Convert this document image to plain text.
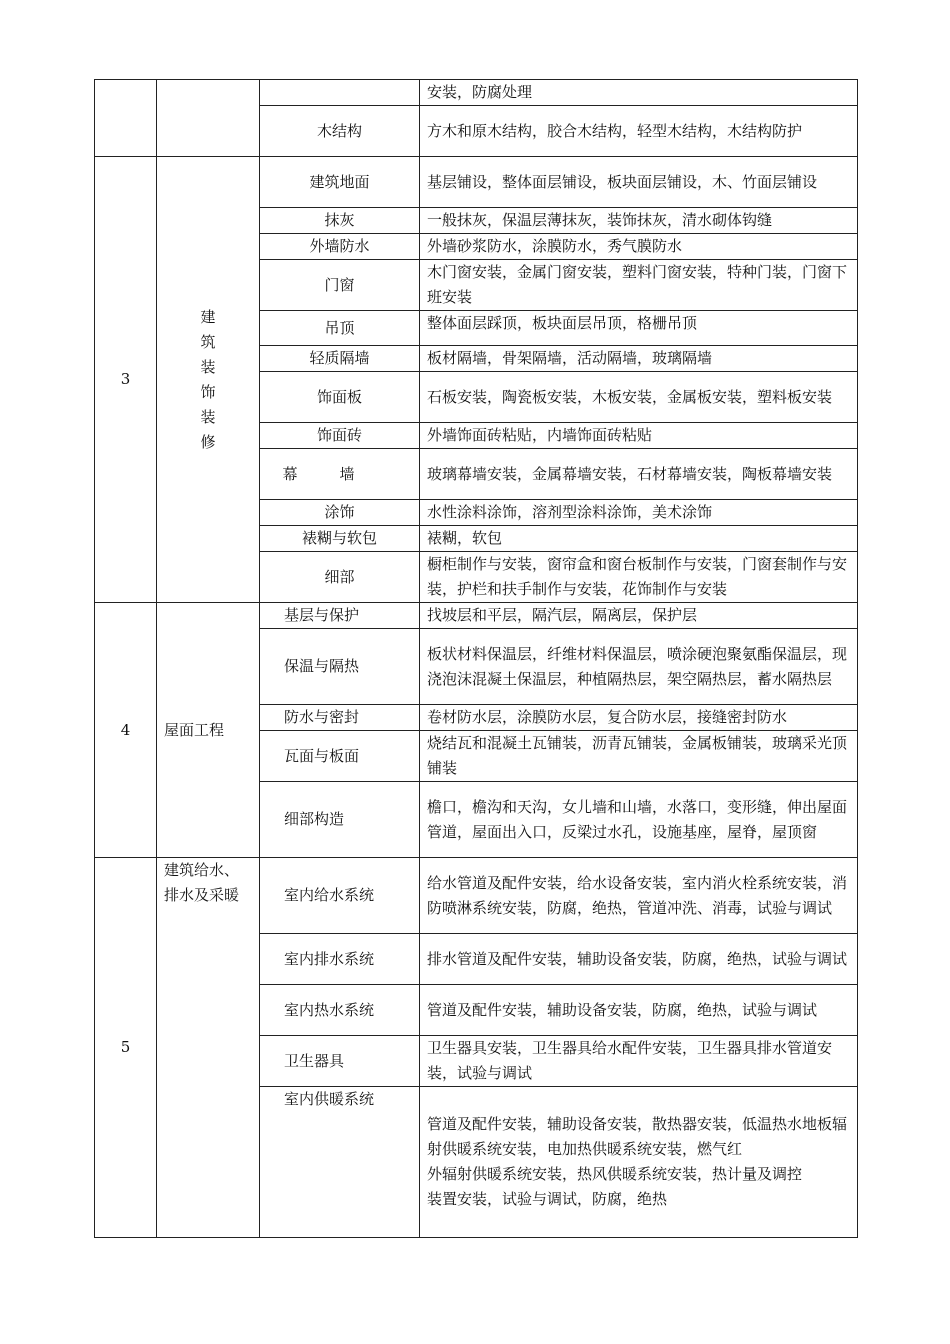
			安装，防腐处理
		木结构	方木和原木结构，胶合木结构，轻型木结构，木结构防护
3	建筑装饰装修	建筑地面	基层铺设，整体面层铺设，板块面层铺设，木、竹面层铺设
		抹灰	一般抹灰，保温层薄抹灰，装饰抹灰，清水砌体钩缝
		外墙防水	外墙砂浆防水，涂膜防水，秀气膜防水
		门窗	木门窗安装，金属门窗安装，塑料门窗安装，特种门装，门窗下班安装
		吊顶	整体面层踩顶，板块面层吊顶，格栅吊顶
		轻质隔墙	板材隔墙，骨架隔墙，活动隔墙，玻璃隔墙
		饰面板	石板安装，陶瓷板安装，木板安装，金属板安装，塑料板安装
		饰面砖	外墙饰面砖粘贴，内墙饰面砖粘贴
		幕墙	玻璃幕墙安装，金属幕墙安装，石材幕墙安装，陶板幕墙安装
		涂饰	水性涂料涂饰，溶剂型涂料涂饰，美术涂饰
		裱糊与软包	裱糊，软包
		细部	橱柜制作与安装，窗帘盒和窗台板制作与安装，门窗套制作与安装，护栏和扶手制作与安装，花饰制作与安装
4	屋面工程	基层与保护	找坡层和平层，隔汽层，隔离层，保护层
		保温与隔热	板状材料保温层，纤维材料保温层，喷涂硬泡聚氨酯保温层，现浇泡沫混凝土保温层，种植隔热层，架空隔热层，蓄水隔热层
		防水与密封	卷材防水层，涂膜防水层，复合防水层，接缝密封防水
		瓦面与板面	烧结瓦和混凝土瓦铺装，沥青瓦铺装，金属板铺装，玻璃采光顶铺装
		细部构造	檐口，檐沟和天沟，女儿墙和山墙，水落口，变形缝，伸出屋面管道，屋面出入口，反梁过水孔，设施基座，屋脊，屋顶窗
5	建筑给水、排水及采暖	室内给水系统	给水管道及配件安装，给水设备安装，室内消火栓系统安装，消防喷淋系统安装，防腐，绝热，管道冲洗、消毒，试验与调试
		室内排水系统	排水管道及配件安装，辅助设备安装，防腐，绝热，试验与调试
		室内热水系统	管道及配件安装，辅助设备安装，防腐，绝热，试验与调试
		卫生器具	卫生器具安装，卫生器具给水配件安装，卫生器具排水管道安装，试验与调试
		室内供暖系统	管道及配件安装，辅助设备安装，散热器安装，低温热水地板辐射供暖系统安装，电加热供暖系统安装，燃气红
外辐射供暖系统安装，热风供暖系统安装，热计量及调控
装置安装，试验与调试，防腐，绝热
